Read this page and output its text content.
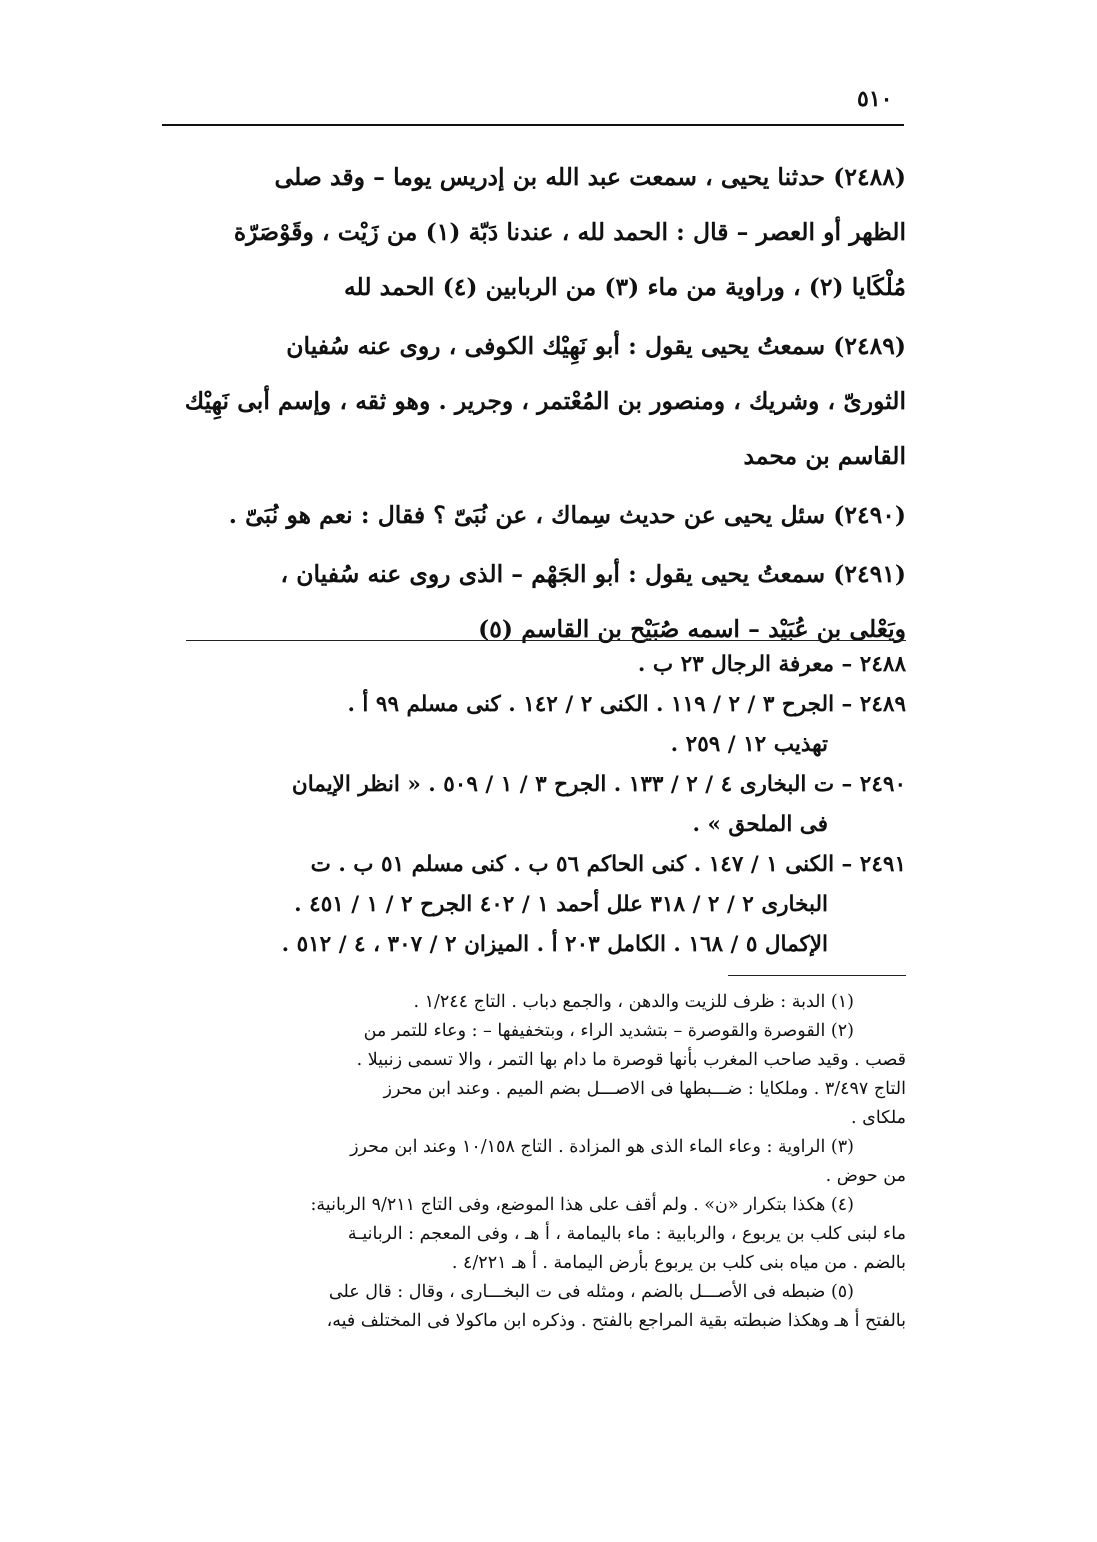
٥١٠
(٢٤٨٨) حدثنا يحيى ، سمعت عبد الله بن إدريس يوما – وقد صلى
الظهر أو العصر – قال : الحمد لله ، عندنا دَبّة (١) من زَيْت ، وقَوْصَرّة
مُلْكَايا (٢) ، وراوية من ماء (٣) من الربابين (٤) الحمد لله
(٢٤٨٩) سمعتُ يحيى يقول : أبو نَهِيْك الكوفى ، روى عنه سُفيان
الثورىّ ، وشريك ، ومنصور بن المُعْتمر ، وجرير . وهو ثقه ، وإسم أبى نَهِيْك
القاسم بن محمد
(٢٤٩٠) سئل يحيى عن حديث سِماك ، عن نُبَىّ ؟ فقال : نعم هو نُبَىّ .
(٢٤٩١) سمعتُ يحيى يقول : أبو الجَهْم – الذى روى عنه سُفيان ،
ويَعْلى بن عُبَيْد – اسمه صُبَيْح بن القاسم (٥)
٢٤٨٨ – معرفة الرجال ٢٣ ب .
٢٤٨٩ – الجرح ٣ / ٢ / ١١٩ . الكنى ٢ / ١٤٢ . كنى مسلم ٩٩ أ .
تهذيب ١٢ / ٢٥٩ .
٢٤٩٠ – ت البخارى ٤ / ٢ / ١٣٣ . الجرح ٣ / ١ / ٥٠٩ . « انظر الإيمان
فى الملحق » .
٢٤٩١ – الكنى ١ / ١٤٧ . كنى الحاكم ٥٦ ب . كنى مسلم ٥١ ب . ت
البخارى ٢ / ٢ / ٣١٨ علل أحمد ١ / ٤٠٢ الجرح ٢ / ١ / ٤٥١ .
الإكمال ٥ / ١٦٨ . الكامل ٢٠٣ أ . الميزان ٢ / ٣٠٧ ، ٤ / ٥١٢ .
(١) الدبة : ظرف للزيت والدهن ، والجمع دباب . التاج ١/٢٤٤ .
(٢) القوصرة والقوصرة – بتشديد الراء ، وبتخفيفها – : وعاء للتمر من
قصب . وقيد صاحب المغرب بأنها قوصرة ما دام بها التمر ، والا تسمى زنبيلا .
التاج ٣/٤٩٧ . وملكايا : ضـــبطها فى الاصـــل بضم الميم . وعند ابن محرز
ملكاى .
(٣) الراوية : وعاء الماء الذى هو المزادة . التاج ١٠/١٥٨ وعند ابن محرز
من حوض .
(٤) هكذا بتكرار «ن» . ولم أقف على هذا الموضع، وفى التاج ٩/٢١١ الربانية:
ماء لبنى كلب بن يربوع ، والربابية : ماء باليمامة ، أ هـ ، وفى المعجم : الربانيـة
بالضم . من مياه بنى كلب بن يربوع بأرض اليمامة . أ هـ ٤/٢٢١ .
(٥) ضبطه فى الأصـــل بالضم ، ومثله فى ت البخـــارى ، وقال : قال على
بالفتح أ هـ وهكذا ضبطته بقية المراجع بالفتح . وذكره ابن ماكولا فى المختلف فيه،
